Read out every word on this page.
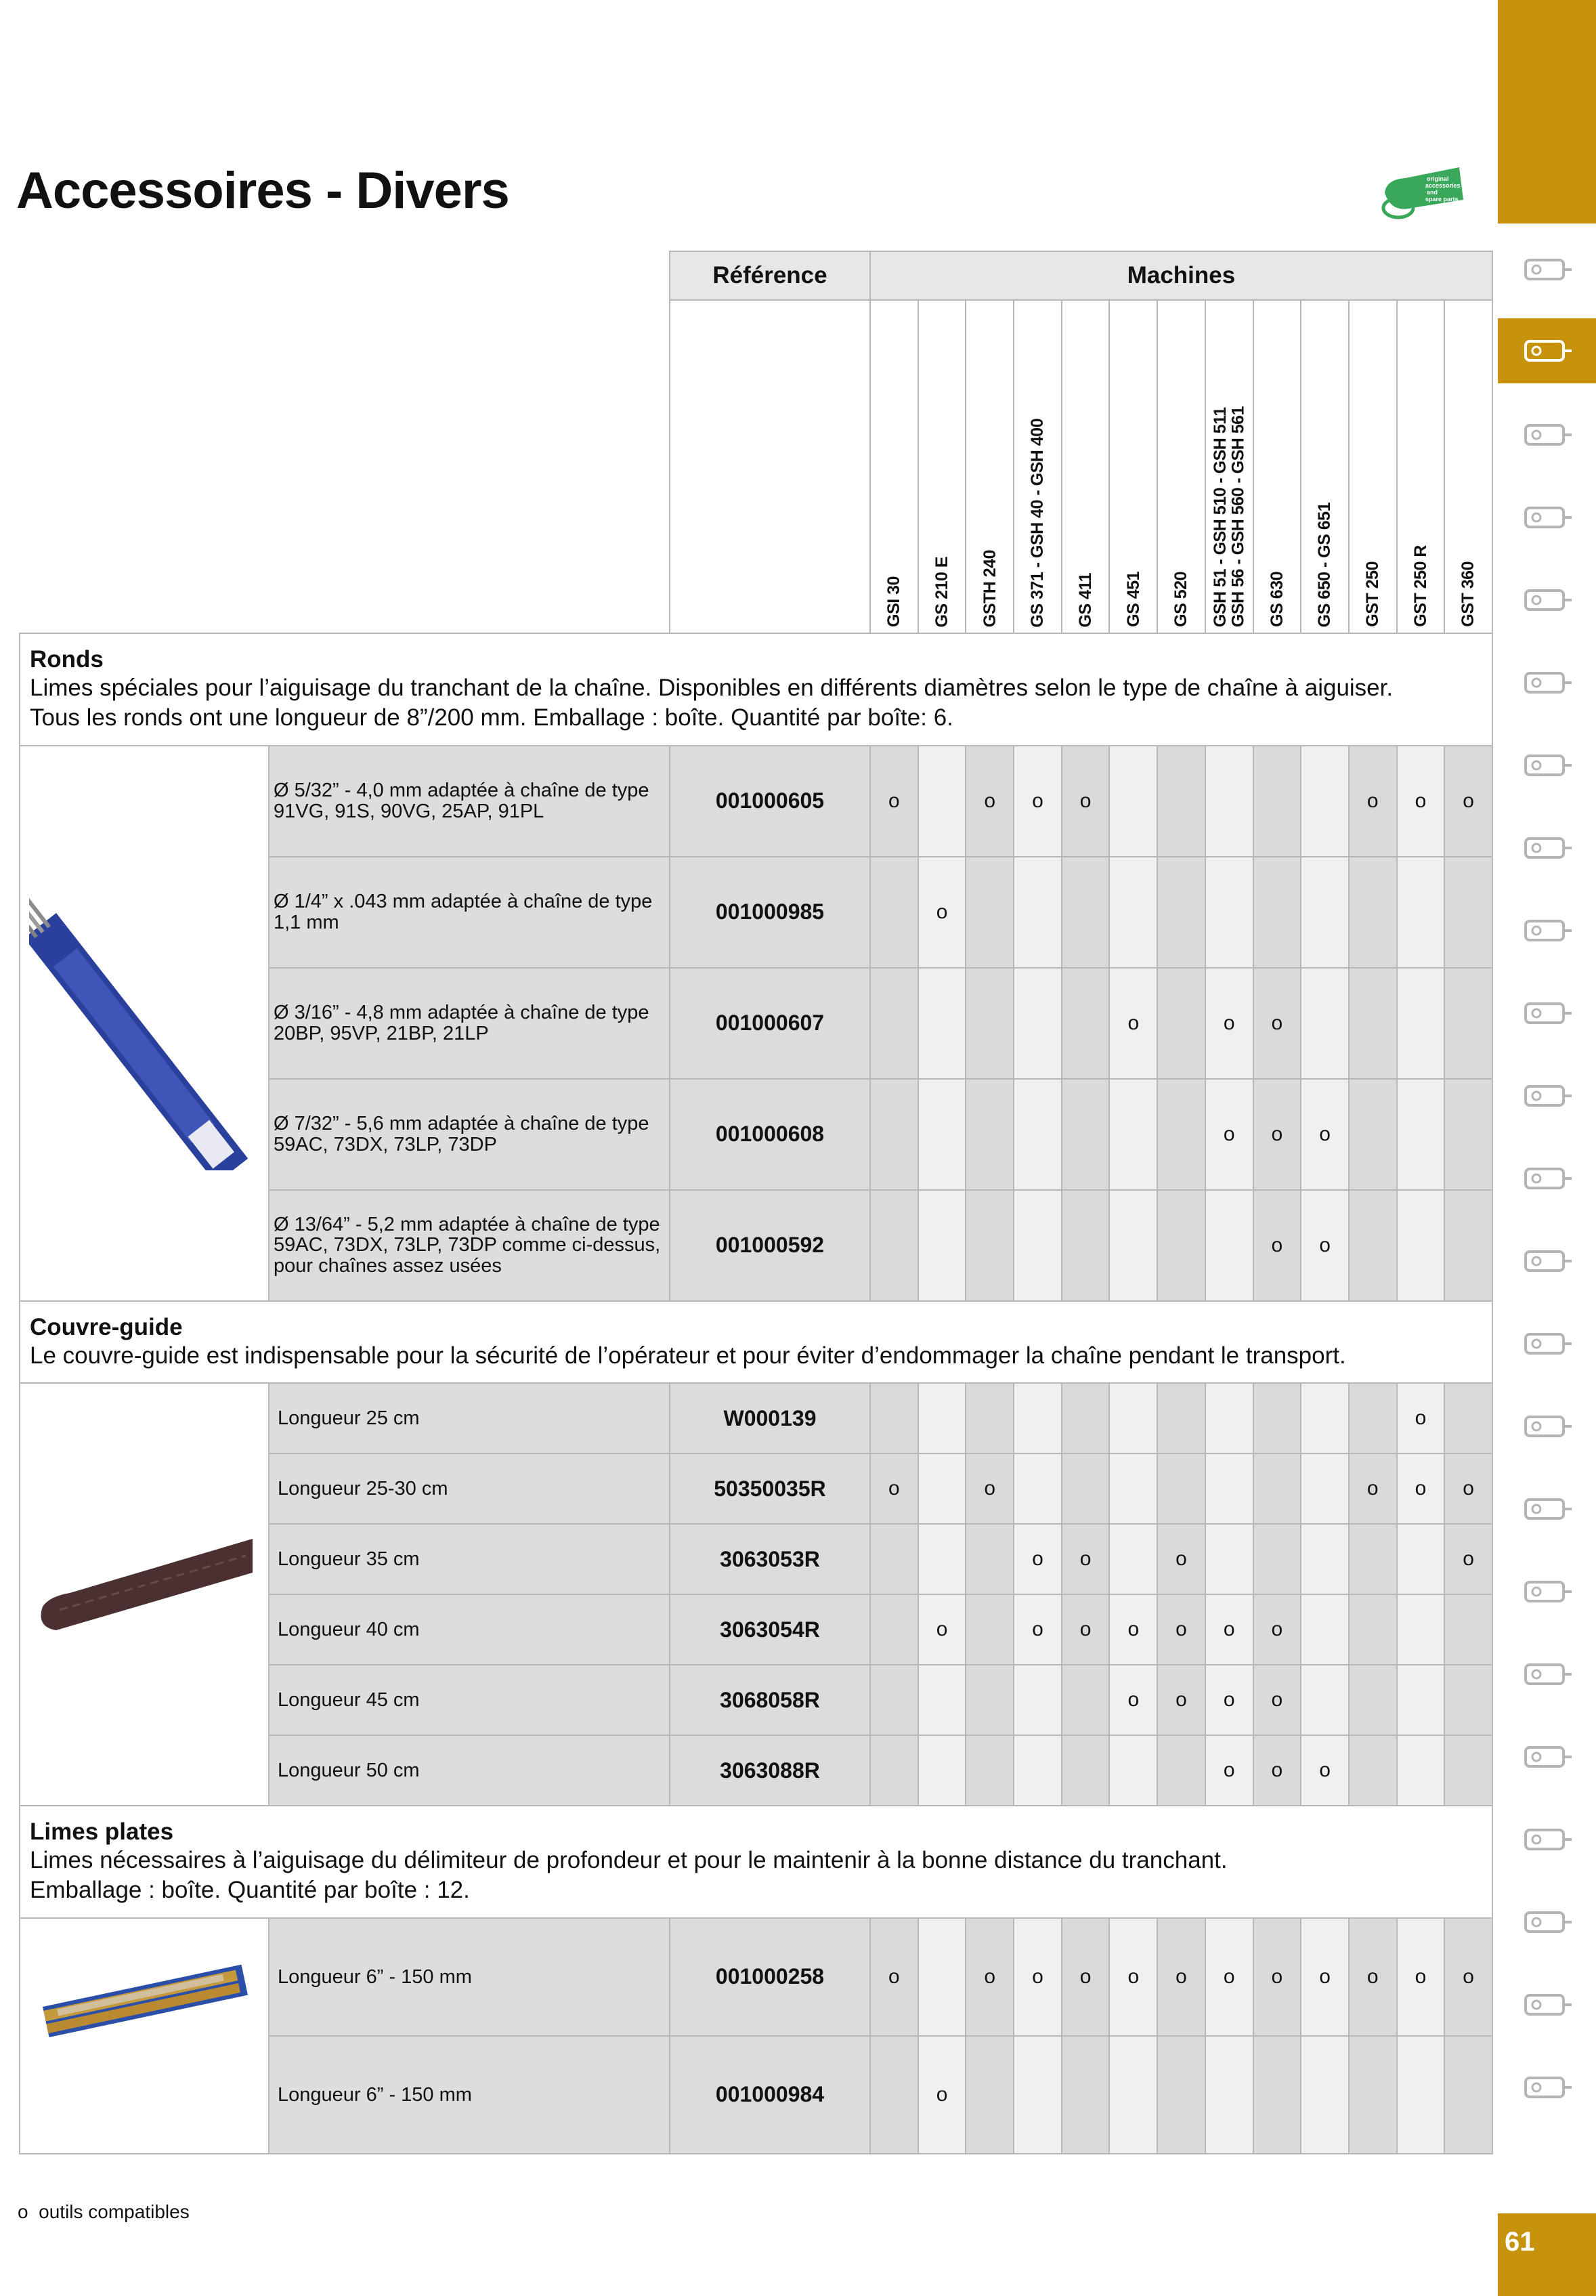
Accessoires - Divers	original
accessories
and
spare parts
61
		Référence	Machines												

			GSI 30	GS 210 E	GSTH 240	GS 371 - GSH 40 - GSH 400	GS 411	GS 451	GS 520	GSH 51 - GSH 510 - GSH 511
GSH 56 - GSH 560 - GSH 561	GS 630	GS 650 - GS 651	GST 250	GST 250 R	GST 360

Ronds
Limes spéciales pour l’aiguisage du tranchant de la chaîne. Disponibles en différents diamètres selon le type de chaîne à aiguiser.
Tous les ronds ont une longueur de 8”/200 mm. Emballage : boîte. Quantité par boîte: 6.															

	Ø 5/32” - 4,0 mm adaptée à chaîne de type 91VG, 91S, 90VG, 25AP, 91PL	001000605	o		o	o	o						o	o	o
	Ø 1/4” x .043 mm adaptée à chaîne de type 1,1 mm	001000985		o											
	Ø 3/16” - 4,8 mm adaptée à chaîne de type 20BP, 95VP, 21BP, 21LP	001000607						o		o	o				
	Ø 7/32” - 5,6 mm adaptée à chaîne de type 59AC, 73DX, 73LP, 73DP	001000608								o	o	o			
	Ø 13/64” - 5,2 mm adaptée à chaîne de type 59AC, 73DX, 73LP, 73DP comme ci-dessus, pour chaînes assez usées	001000592									o	o			

Couvre-guide
Le couvre-guide est indispensable pour la sécurité de l’opérateur et pour éviter d’endommager la chaîne pendant le transport.															

	Longueur 25 cm	W000139												o	
	Longueur 25-30 cm	50350035R	o		o								o	o	o
	Longueur 35 cm	3063053R				o	o		o						o
	Longueur 40 cm	3063054R		o		o	o	o	o	o	o				
	Longueur 45 cm	3068058R						o	o	o	o				
	Longueur 50 cm	3063088R								o	o	o			

Limes plates
Limes nécessaires à l’aiguisage du délimiteur de profondeur et pour le maintenir à la bonne distance du tranchant.
Emballage : boîte. Quantité par boîte : 12.															

	Longueur 6” - 150 mm	001000258	o		o	o	o	o	o	o	o	o	o	o	o
	Longueur 6” - 150 mm	001000984		o											
o outils compatibles
